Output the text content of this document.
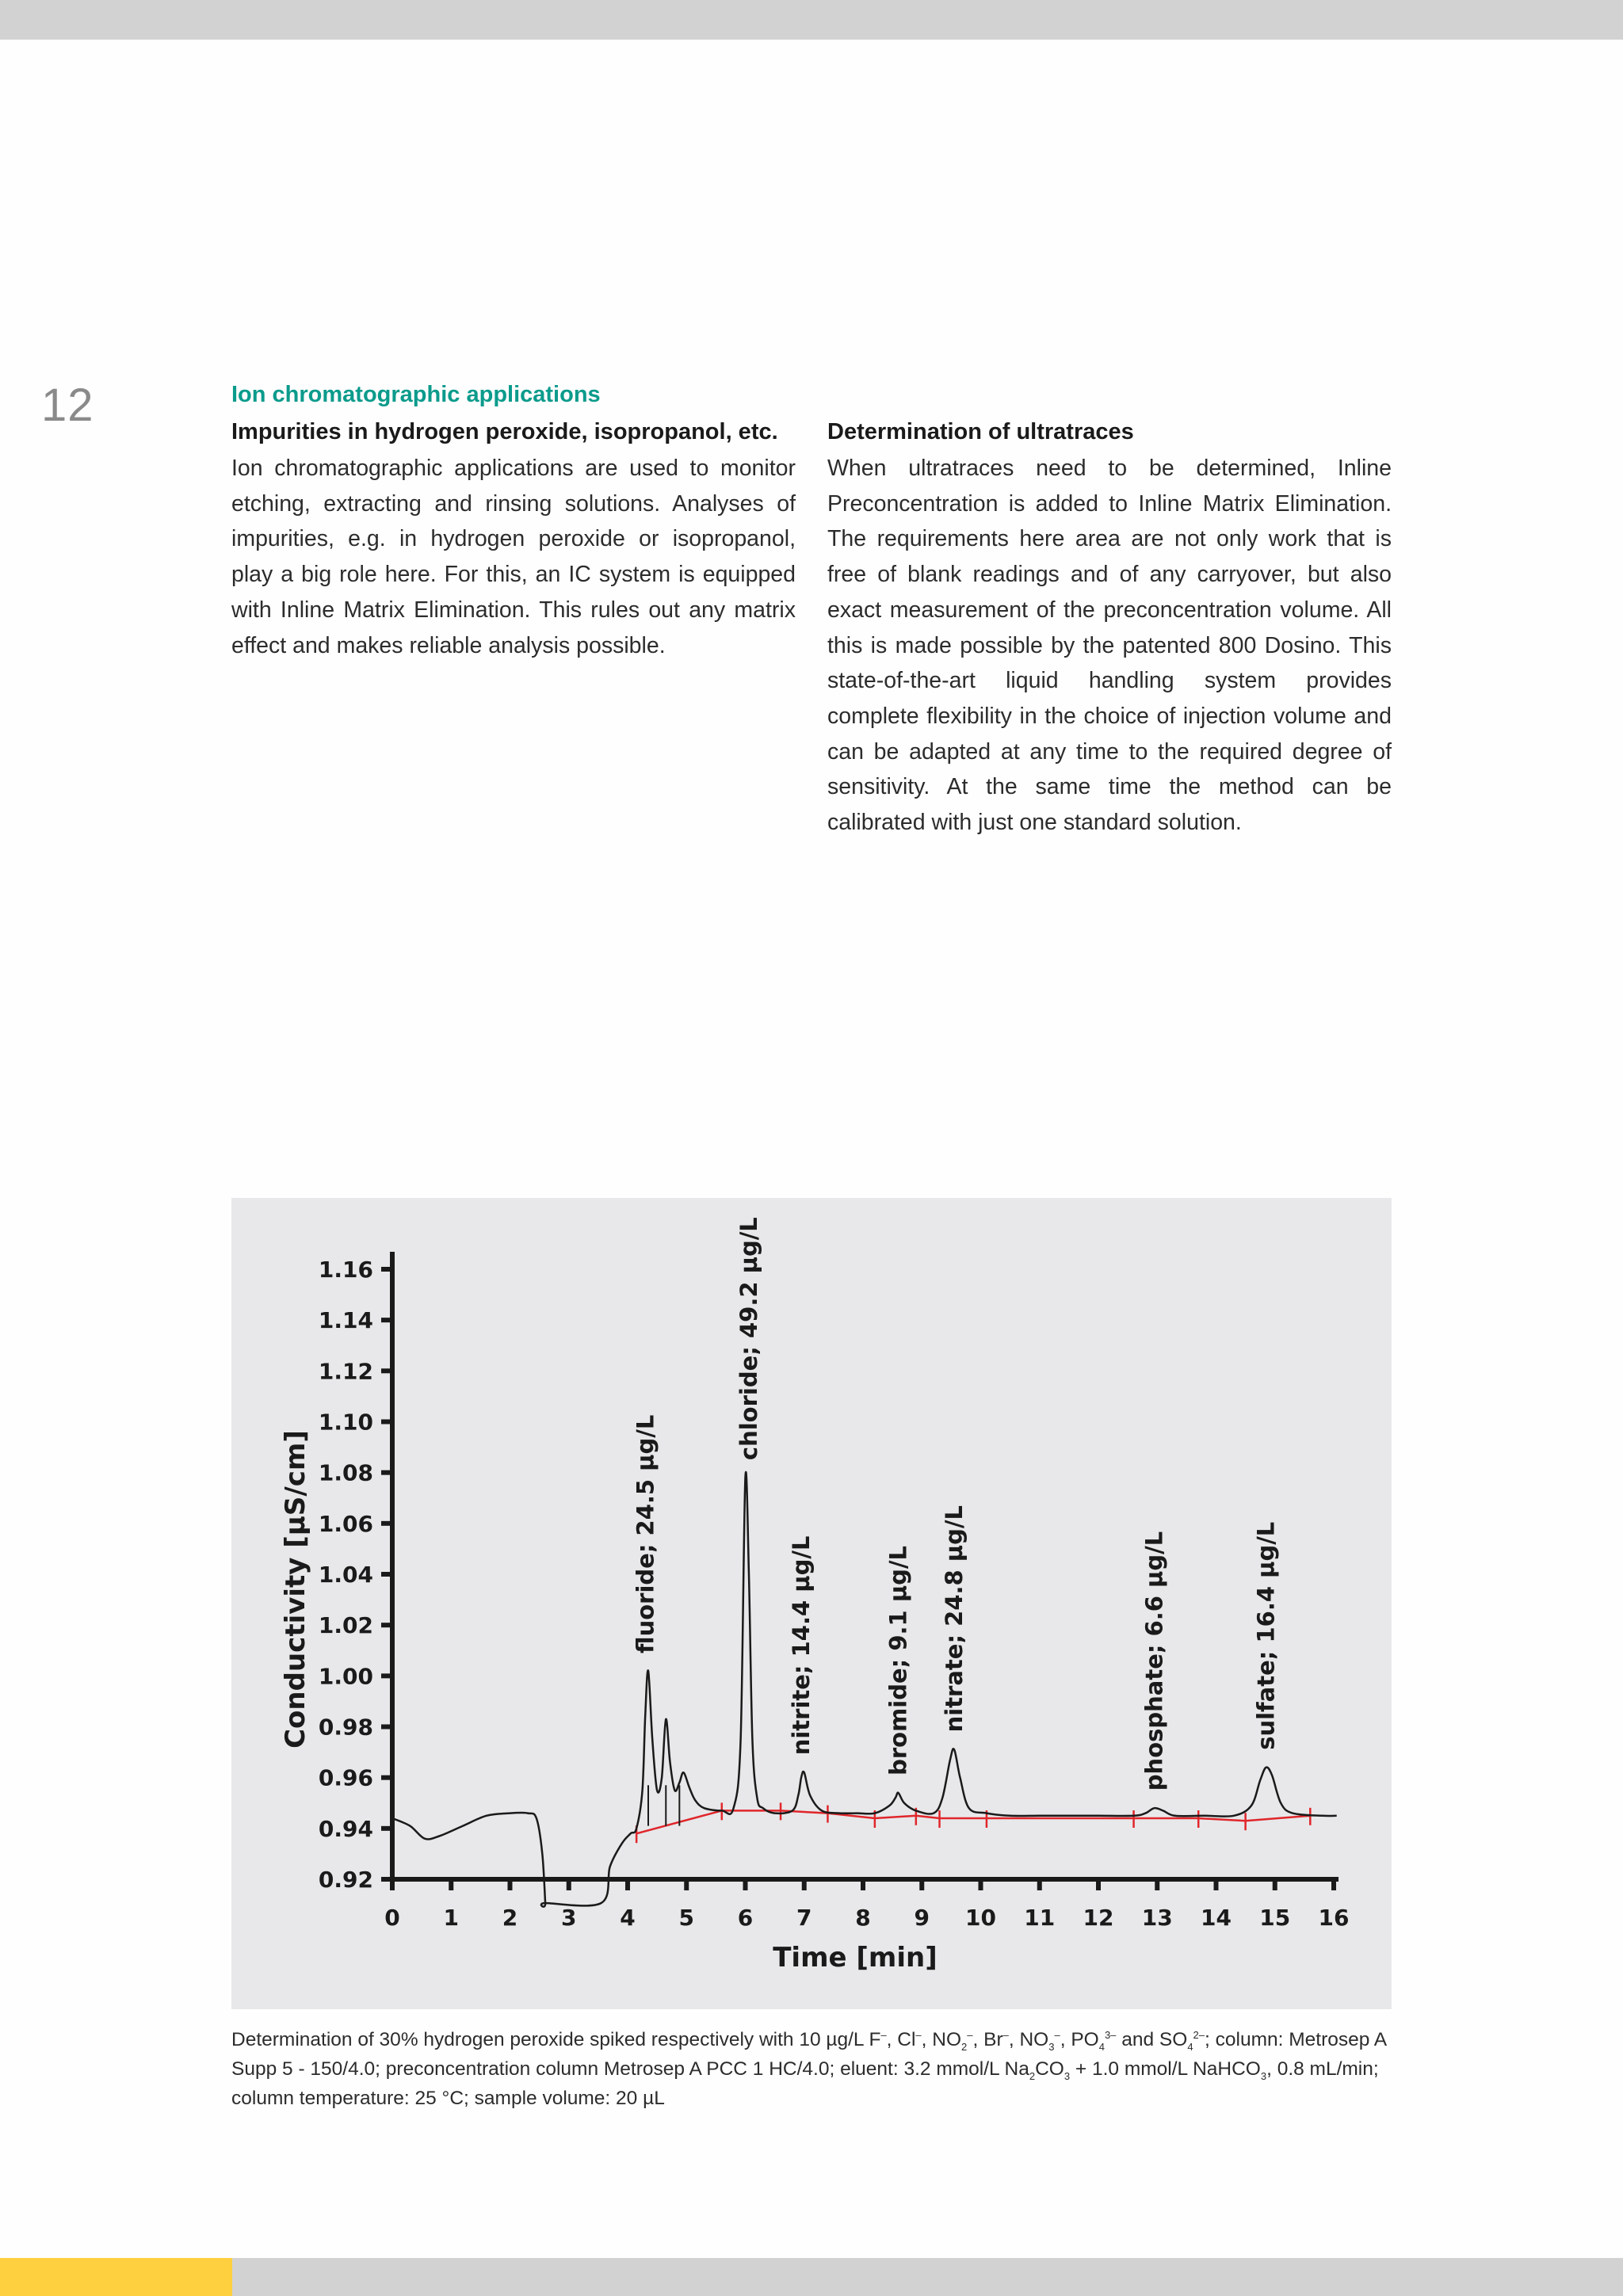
12	Ion chromatographic applications
Impurities in hydrogen peroxide, isopropanol, etc.

Ion chromatographic applications are used to monitor etching, extracting and rinsing solutions. Analyses of impurities, e.g. in hydrogen peroxide or isopropanol, play a big role here. For this, an IC system is equipped with Inline Matrix Elimination. This rules out any matrix effect and makes reliable analysis possible.

Determination of ultratraces

When ultratraces need to be determined, Inline Preconcentration is added to Inline Matrix Elimination. The requirements here area are not only work that is free of blank readings and of any carryover, but also exact measurement of the preconcentration volume. All this is made possible by the patented 800 Dosino. This state-of-the-art liquid handling system provides complete flexibility in the choice of injection volume and can be adapted at any time to the required degree of sensitivity. At the same time the method can be calibrated with just one standard solution.

0.92
0.94
0.96
0.98
1.00
1.02
1.04
1.06
1.08
1.10
1.12
1.14
1.16
0 1 2 3 4 5 6 7 8 9 10 11 12 13 14 15 16
Time [min]
Conductivity [µS/cm]	fluoride; 24.5 µg/L
chloride; 49.2 µg/L
nitrite; 14.4 µg/L	bromide; 9.1 µg/L nitrate; 24.8 µg/L	phosphate; 6.6 µg/L	sulfate; 16.4 µg/L
Determination of 30% hydrogen peroxide spiked respectively with 10 µg/L F–, Cl–, $NO_2^-$, Br–, $NO_3^-$, $PO_4^{3-}$ and $SO_4^{2-}$; column: Metrosep A Supp 5 - 150/4.0; preconcentration column Metrosep A PCC 1 HC/4.0; eluent: 3.2 mmol/L $Na_2CO_3 + 1.0$ mmol/L NaHCO$_3$, 0.8 mL/min; column temperature: 25 °C; sample volume: 20 µL
